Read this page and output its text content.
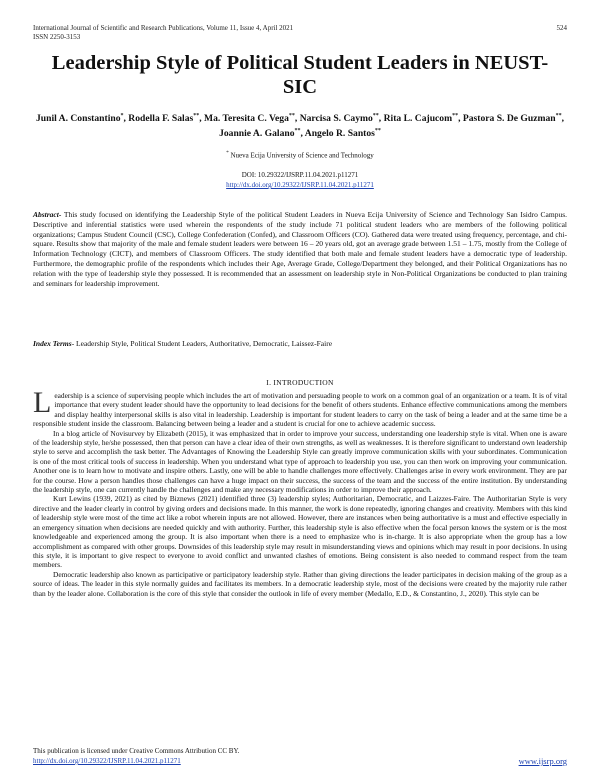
International Journal of Scientific and Research Publications, Volume 11, Issue 4, April 2021
ISSN 2250-3153
524
Leadership Style of Political Student Leaders in NEUST-SIC
Junil A. Constantino*, Rodella F. Salas**, Ma. Teresita C. Vega**, Narcisa S. Caymo**, Rita L. Cajucom**, Pastora S. De Guzman**, Joannie A. Galano**, Angelo R. Santos**
* Nueva Ecija University of Science and Technology
DOI: 10.29322/IJSRP.11.04.2021.p11271
http://dx.doi.org/10.29322/IJSRP.11.04.2021.p11271
Abstract- This study focused on identifying the Leadership Style of the political Student Leaders in Nueva Ecija University of Science and Technology San Isidro Campus. Descriptive and inferential statistics were used wherein the respondents of the study include 71 political student leaders who are members of the following political organizations; Campus Student Council (CSC), College Confederation (Confed), and Classroom Officers (CO). Gathered data were treated using frequency, percentage, and chi-square. Results show that majority of the male and female student leaders were between 16 – 20 years old, got an average grade between 1.51 – 1.75, mostly from the College of Information Technology (CICT), and members of Classroom Officers. The study identified that both male and female student leaders have a democratic type of leadership. Furthermore, the demographic profile of the respondents which includes their Age, Average Grade, College/Department they belonged, and their Political Organizations has no relation with the type of leadership style they possessed. It is recommended that an assessment on leadership style in Non-Political Organizations be conducted to plan training and seminars for leadership improvement.
Index Terms- Leadership Style, Political Student Leaders, Authoritative, Democratic, Laissez-Faire
I. INTRODUCTION

Leadership is a science of supervising people which includes the art of motivation and persuading people to work on a common goal of an organization or a team. It is of vital importance that every student leader should have the opportunity to lead decisions for the benefit of others students. Enhance effective communications among the members and display healthy interpersonal skills is also vital in leadership. Leadership is important for student leaders to carry on the task of being a leader and at the same time be a responsible student inside the classroom. Balancing between being a leader and a student is crucial for one to achieve academic success.

In a blog article of Novisurvey by Elizabeth (2015), it was emphasized that in order to improve your success, understanding one leadership style is vital. When one is aware of the leadership style, he/she possessed, then that person can have a clear idea of their own strengths, as well as weaknesses. It is therefore significant to understand own leadership style to serve and accomplish the task better. The Advantages of Knowing the Leadership Style can greatly improve communication skills with your subordinates. Communication is one of the most critical tools of success in leadership. When you understand what type of approach to leadership you use, you can then work on improving your communication. Another one is to learn how to motivate and inspire others. Lastly, one will be able to handle challenges more effectively. Challenges arise in every work environment. They are par for the course. How a person handles those challenges can have a huge impact on their success, the success of the team and the success of the entire institution. By understanding the leadership style, one can currently handle the challenges and make any necessary modifications in order to improve their approach.

Kurt Lewins (1939, 2021) as cited by Biznews (2021) identified three (3) leadership styles; Authoritarian, Democratic, and Laizzes-Faire. The Authoritarian Style is very directive and the leader clearly in control by giving orders and decisions made. In this manner, the work is done repeatedly, ignoring changes and creativity. Members with this kind of leadership style were most of the time act like a robot wherein inputs are not allowed. However, there are instances when being authoritative is a must and effective especially in an emergency situation when decisions are needed quickly and with authority. Further, this leadership style is also effective when the focal person knows the system or is the most knowledgeable and experienced among the group. It is also important when there is a need to emphasize who is in-charge. It is also appropriate when the group has a low accomplishment as compared with other groups. Downsides of this leadership style may result in misunderstanding views and opinions which may result in poor decisions. In using this style, it is important to give respect to everyone to avoid conflict and unwanted clashes of emotions. Being consistent is also needed to command respect from the team members.

Democratic leadership also known as participative or participatory leadership style. Rather than giving directions the leader participates in decision making of the group as a source of ideas. The leader in this style normally guides and facilitates its members. In a democratic leadership style, most of the decisions were created by the majority rule rather than by the leader alone. Collaboration is the core of this style that consider the outlook in life of every member (Medallo, E.D., & Constantino, J., 2020). This style can be

This publication is licensed under Creative Commons Attribution CC BY.
http://dx.doi.org/10.29322/IJSRP.11.04.2021.p11271	www.ijsrp.org
